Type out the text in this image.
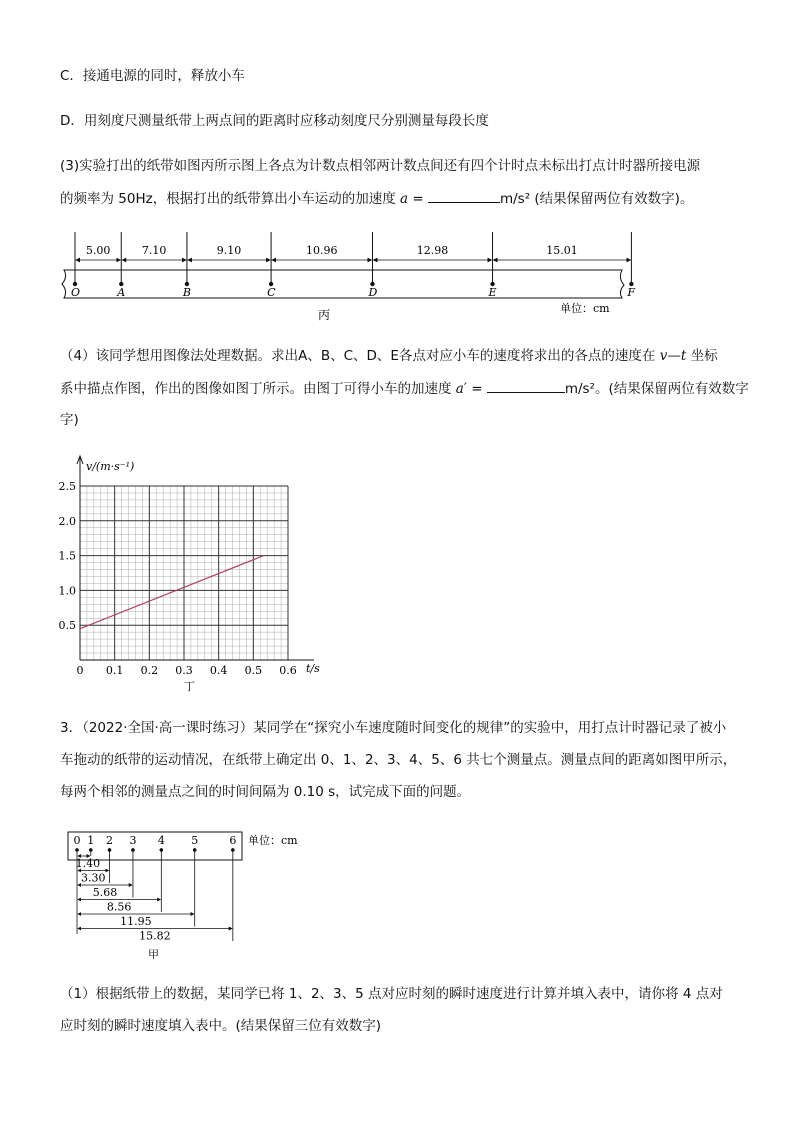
C．接通电源的同时，释放小车
D．用刻度尺测量纸带上两点间的距离时应移动刻度尺分别测量每段长度
(3)实验打出的纸带如图丙所示图上各点为计数点相邻两计数点间还有四个计时点未标出打点计时器所接电源
的频率为 50Hz，根据打出的纸带算出小车运动的加速度 a =	m/s² (结果保留两位有效数字)。
O	A	B	C	D	E	F
5.00	7.10	9.10	10.96	12.98	15.01
单位：cm
丙
（4）该同学想用图像法处理数据。求出A、B、C、D、E各点对应小车的速度将求出的各点的速度在 v—t 坐标
系中描点作图，作出的图像如图丁所示。由图丁可得小车的加速度 a′ =	m/s²。(结果保留两位有效数字
字)
0 0.1 0.2 0.3 0.4 0.5 0.6
0.5
1.0
1.5
2.0
2.5
v/(m·s⁻¹)
t/s
丁
3．（2022·全国·高一课时练习）某同学在“探究小车速度随时间变化的规律”的实验中，用打点计时器记录了被小
车拖动的纸带的运动情况，在纸带上确定出 0、1、2、3、4、5、6 共七个测量点。测量点间的距离如图甲所示，
每两个相邻的测量点之间的时间间隔为 0.10 s，试完成下面的问题。
0 1 2 3 4 5	6
1.40
3.30
5.68
8.56
11.95
15.82
单位：cm
甲
（1）根据纸带上的数据，某同学已将 1、2、3、5 点对应时刻的瞬时速度进行计算并填入表中，请你将 4 点对
应时刻的瞬时速度填入表中。(结果保留三位有效数字)
